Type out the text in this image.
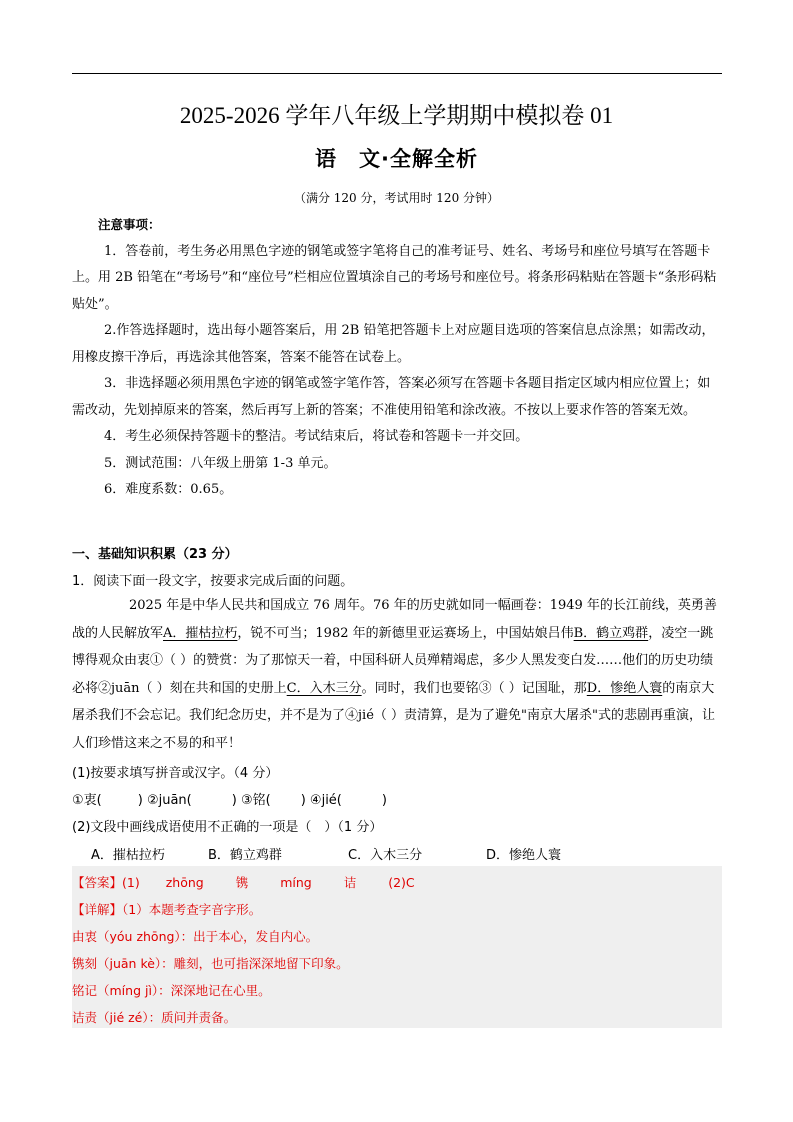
2025-2026 学年八年级上学期期中模拟卷 01
语　文·全解全析
（满分 120 分，考试用时 120 分钟）
注意事项：
1．答卷前，考生务必用黑色字迹的钢笔或签字笔将自己的准考证号、姓名、考场号和座位号填写在答题卡上。用 2B 铅笔在“考场号”和“座位号”栏相应位置填涂自己的考场号和座位号。将条形码粘贴在答题卡“条形码粘贴处”。
2.作答选择题时，选出每小题答案后，用 2B 铅笔把答题卡上对应题目选项的答案信息点涂黑；如需改动，用橡皮擦干净后，再选涂其他答案，答案不能答在试卷上。
3．非选择题必须用黑色字迹的钢笔或签字笔作答，答案必须写在答题卡各题目指定区域内相应位置上；如需改动，先划掉原来的答案，然后再写上新的答案；不准使用铅笔和涂改液。不按以上要求作答的答案无效。
4．考生必须保持答题卡的整洁。考试结束后，将试卷和答题卡一并交回。
5．测试范围：八年级上册第 1-3 单元。
6．难度系数：0.65。
一、基础知识积累（23 分）
1．阅读下面一段文字，按要求完成后面的问题。
2025 年是中华人民共和国成立 76 周年。76 年的历史就如同一幅画卷：1949 年的长江前线，英勇善战的人民解放军A．摧枯拉朽，锐不可当；1982 年的新德里亚运赛场上，中国姑娘吕伟B．鹤立鸡群，凌空一跳博得观众由衷①（ ）的赞赏：为了那惊天一着，中国科研人员殚精竭虑，多少人黑发变白发……他们的历史功绩必将②juān（ ）刻在共和国的史册上C．入木三分。同时，我们也要铭③（ ）记国耻，那D．惨绝人寰的南京大屠杀我们不会忘记。我们纪念历史，并不是为了④jié（ ）责清算，是为了避免"南京大屠杀"式的悲剧再重演，让人们珍惜这来之不易的和平！
(1)按要求填写拼音或汉字。（4 分）
①衷(	) ②juān(	) ③铭( ) ④jié(	)
(2)文段中画线成语使用不正确的一项是（　）（1 分）
A．摧枯拉朽	B．鹤立鸡群	C．入木三分	D．惨绝人寰
【答案】(1) zhōng	镌	míng	诘	(2)C
【详解】（1）本题考查字音字形。
由衷（yóu zhōng）：出于本心，发自内心。
镌刻（juān kè）：雕刻，也可指深深地留下印象。
铭记（míng jì）：深深地记在心里。
诘责（jié zé）：质问并责备。
